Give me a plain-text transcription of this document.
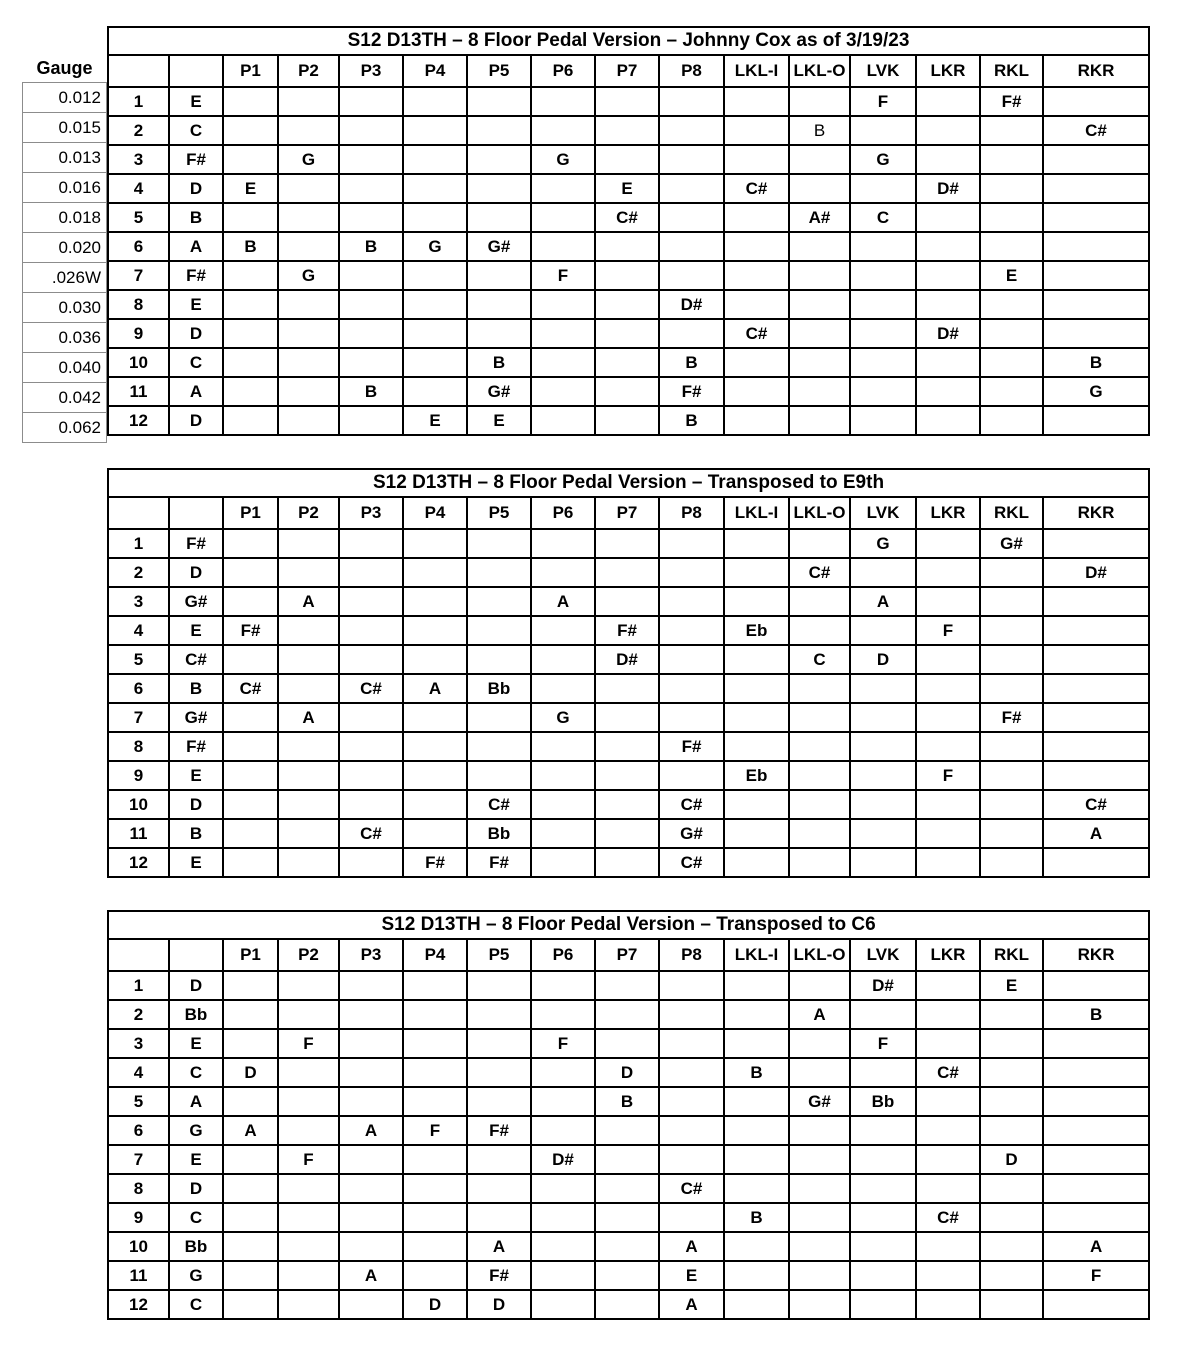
Gauge
0.012
0.015
0.013
0.016
0.018
0.020
.026W
0.030
0.036
0.040
0.042
0.062
S12 D13TH – 8 Floor Pedal Version – Johnny Cox as of 3/19/23															
		P1	P2	P3	P4	P5	P6	P7	P8	LKL-I	LKL-O	LVK	LKR	RKL	RKR
1	E											F		F#	
2	C										B				C#
3	F#		G				G					G			
4	D	E						E		C#			D#		
5	B							C#			A#	C			
6	A	B		B	G	G#									
7	F#		G				F							E	
8	E								D#						
9	D									C#			D#		
10	C					B			B						B
11	A			B		G#			F#						G
12	D				E	E			B						
S12 D13TH – 8 Floor Pedal Version – Transposed to E9th															
		P1	P2	P3	P4	P5	P6	P7	P8	LKL-I	LKL-O	LVK	LKR	RKL	RKR
1	F#											G		G#	
2	D										C#				D#
3	G#		A				A					A			
4	E	F#						F#		Eb			F		
5	C#							D#			C	D			
6	B	C#		C#	A	Bb									
7	G#		A				G							F#	
8	F#								F#						
9	E									Eb			F		
10	D					C#			C#						C#
11	B			C#		Bb			G#						A
12	E				F#	F#			C#						
S12 D13TH – 8 Floor Pedal Version – Transposed to C6															
		P1	P2	P3	P4	P5	P6	P7	P8	LKL-I	LKL-O	LVK	LKR	RKL	RKR
1	D											D#		E	
2	Bb										A				B
3	E		F				F					F			
4	C	D						D		B			C#		
5	A							B			G#	Bb			
6	G	A		A	F	F#									
7	E		F				D#							D	
8	D								C#						
9	C									B			C#		
10	Bb					A			A						A
11	G			A		F#			E						F
12	C				D	D			A						
